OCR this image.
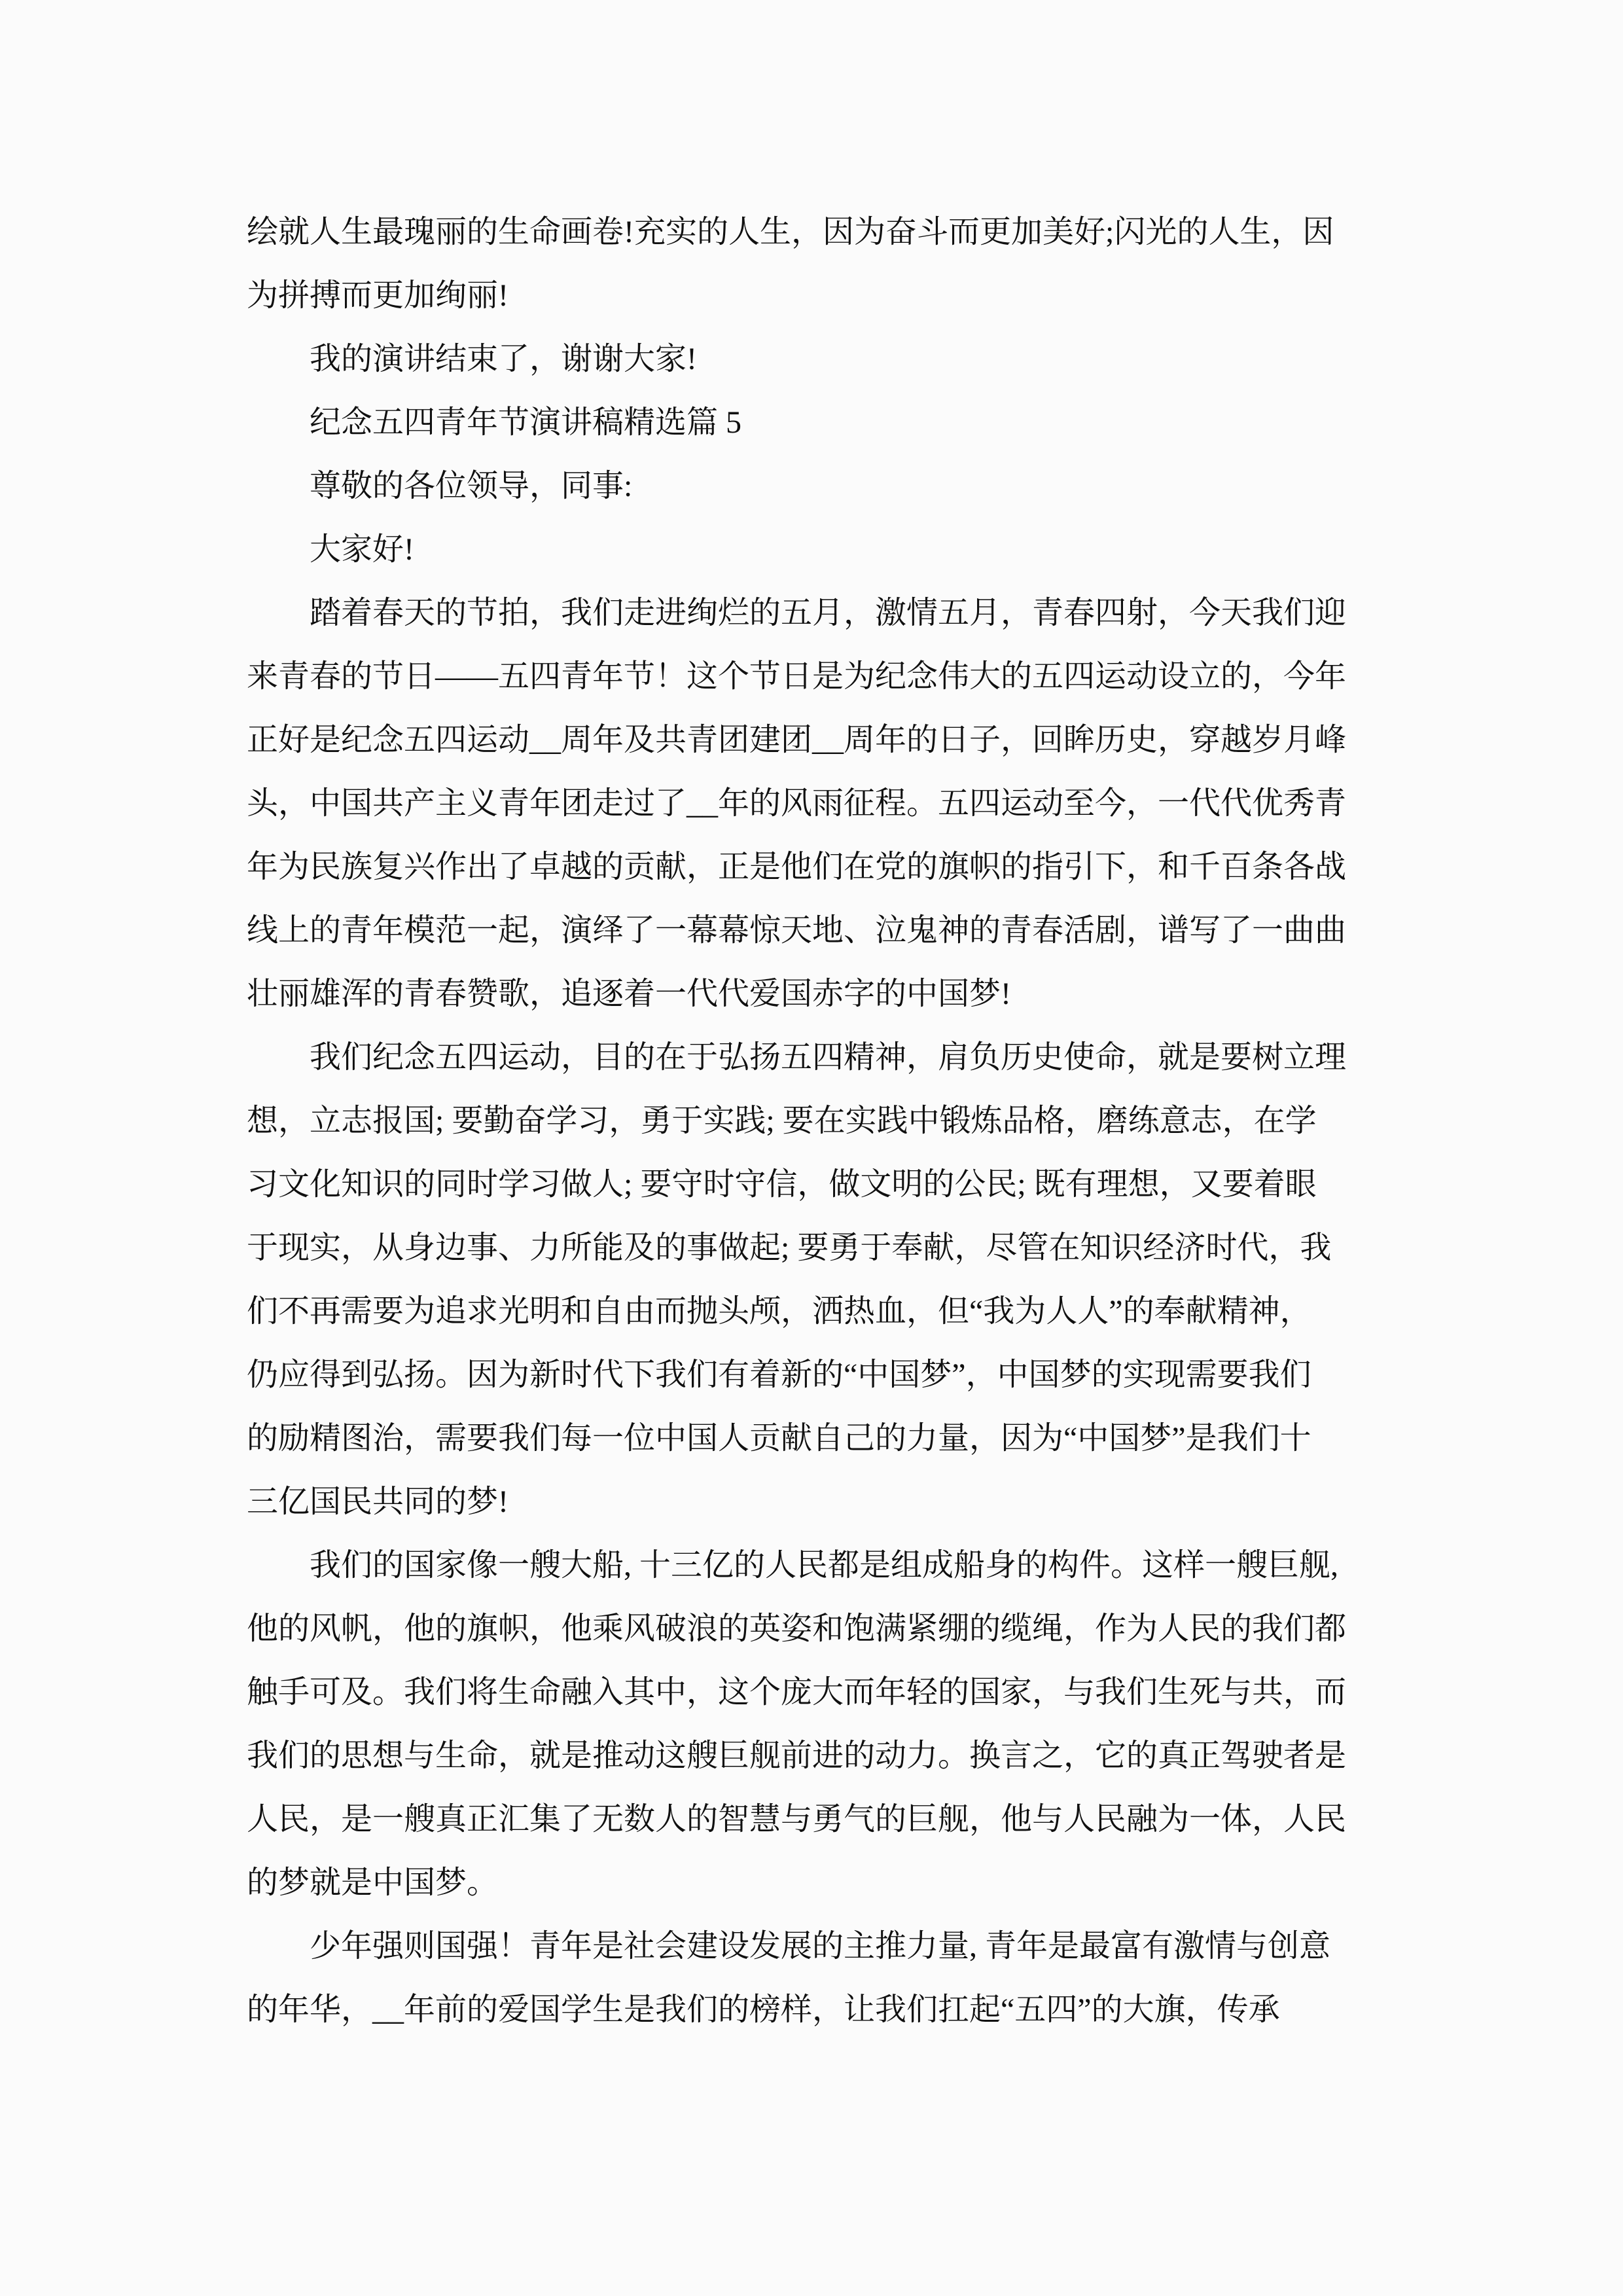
绘就人生最瑰丽的生命画卷!充实的人生，因为奋斗而更加美好;闪光的人生，因
为拼搏而更加绚丽!
我的演讲结束了，谢谢大家!
纪念五四青年节演讲稿精选篇 5
尊敬的各位领导，同事:
大家好!
踏着春天的节拍，我们走进绚烂的五月，激情五月，青春四射，今天我们迎
来青春的节日——五四青年节！这个节日是为纪念伟大的五四运动设立的，今年
正好是纪念五四运动__周年及共青团建团__周年的日子，回眸历史，穿越岁月峰
头，中国共产主义青年团走过了__年的风雨征程。五四运动至今，一代代优秀青
年为民族复兴作出了卓越的贡献，正是他们在党的旗帜的指引下，和千百条各战
线上的青年模范一起，演绎了一幕幕惊天地、泣鬼神的青春活剧，谱写了一曲曲
壮丽雄浑的青春赞歌，追逐着一代代爱国赤字的中国梦!
我们纪念五四运动，目的在于弘扬五四精神，肩负历史使命，就是要树立理
想，立志报国; 要勤奋学习，勇于实践; 要在实践中锻炼品格，磨练意志，在学
习文化知识的同时学习做人; 要守时守信，做文明的公民; 既有理想，又要着眼
于现实，从身边事、力所能及的事做起; 要勇于奉献，尽管在知识经济时代，我
们不再需要为追求光明和自由而抛头颅，洒热血，但“我为人人”的奉献精神，
仍应得到弘扬。因为新时代下我们有着新的“中国梦”，中国梦的实现需要我们
的励精图治，需要我们每一位中国人贡献自己的力量，因为“中国梦”是我们十
三亿国民共同的梦!
我们的国家像一艘大船, 十三亿的人民都是组成船身的构件。这样一艘巨舰,
他的风帆，他的旗帜，他乘风破浪的英姿和饱满紧绷的缆绳，作为人民的我们都
触手可及。我们将生命融入其中，这个庞大而年轻的国家，与我们生死与共，而
我们的思想与生命，就是推动这艘巨舰前进的动力。换言之，它的真正驾驶者是
人民，是一艘真正汇集了无数人的智慧与勇气的巨舰，他与人民融为一体，人民
的梦就是中国梦。
少年强则国强！青年是社会建设发展的主推力量, 青年是最富有激情与创意
的年华，__年前的爱国学生是我们的榜样，让我们扛起“五四”的大旗，传承
